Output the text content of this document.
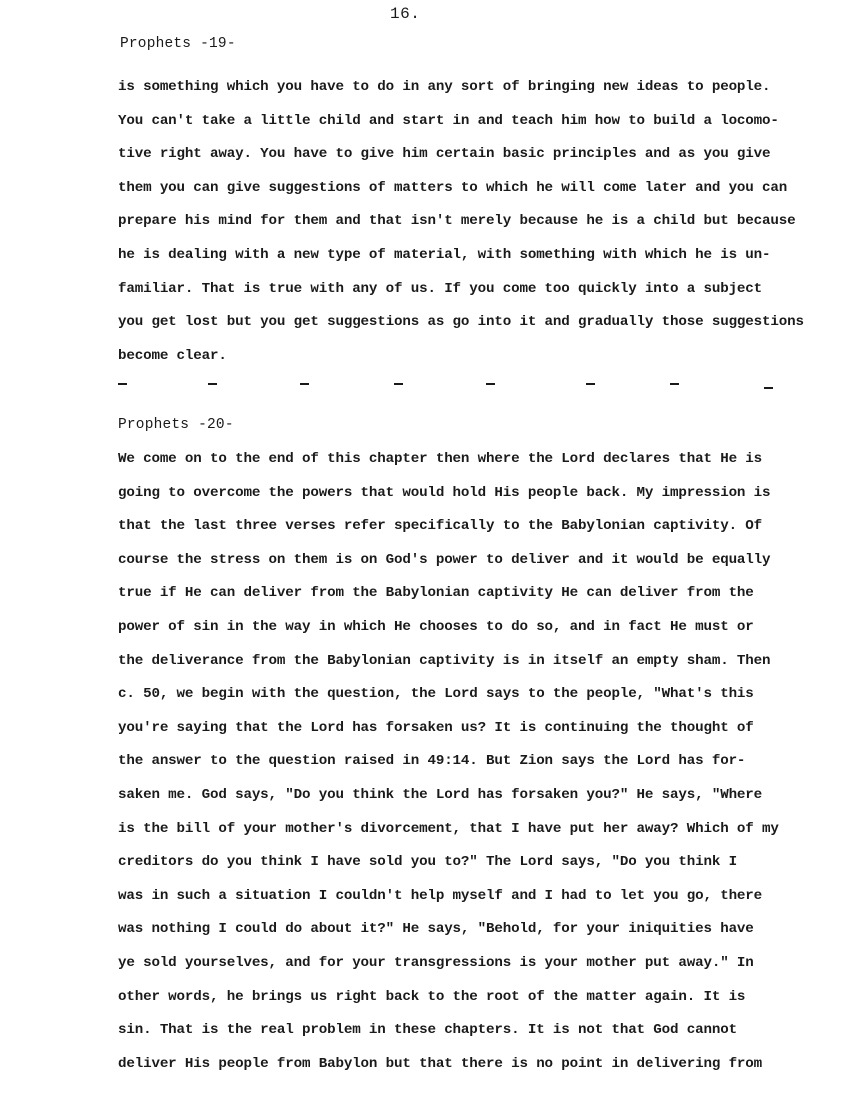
16.
Prophets -19-
is something which you have to do in any sort of bringing new ideas to people.
You can't take a little child and start in and teach him how to build a locomo-
tive right away. You have to give him certain basic principles and as you give
them you can give suggestions of matters to which he will come later and you can
prepare his mind for them and that isn't merely because he is a child but because
he is dealing with a new type of material, with something with which he is un-
familiar. That is true with any of us. If you come too quickly into a subject
you get lost but you get suggestions as go into it and gradually those suggestions
become clear.
Prophets -20-
We come on to the end of this chapter then where the Lord declares that He is
going to overcome the powers that would hold His people back. My impression is
that the last three verses refer specifically to the Babylonian captivity. Of
course the stress on them is on God's power to deliver and it would be equally
true if He can deliver from the Babylonian captivity He can deliver from the
power of sin in the way in which He chooses to do so, and in fact He must or
the deliverance from the Babylonian captivity is in itself an empty sham. Then
c. 50, we begin with the question, the Lord says to the people, "What's this
you're saying that the Lord has forsaken us? It is continuing the thought of
the answer to the question raised in 49:14. But Zion says the Lord has for-
saken me. God says, "Do you think the Lord has forsaken you?" He says, "Where
is the bill of your mother's divorcement, that I have put her away? Which of my
creditors do you think I have sold you to?" The Lord says, "Do you think I
was in such a situation I couldn't help myself and I had to let you go, there
was nothing I could do about it?" He says, "Behold, for your iniquities have
ye sold yourselves, and for your transgressions is your mother put away." In
other words, he brings us right back to the root of the matter again. It is
sin. That is the real problem in these chapters. It is not that God cannot
deliver His people from Babylon but that there is no point in delivering from
